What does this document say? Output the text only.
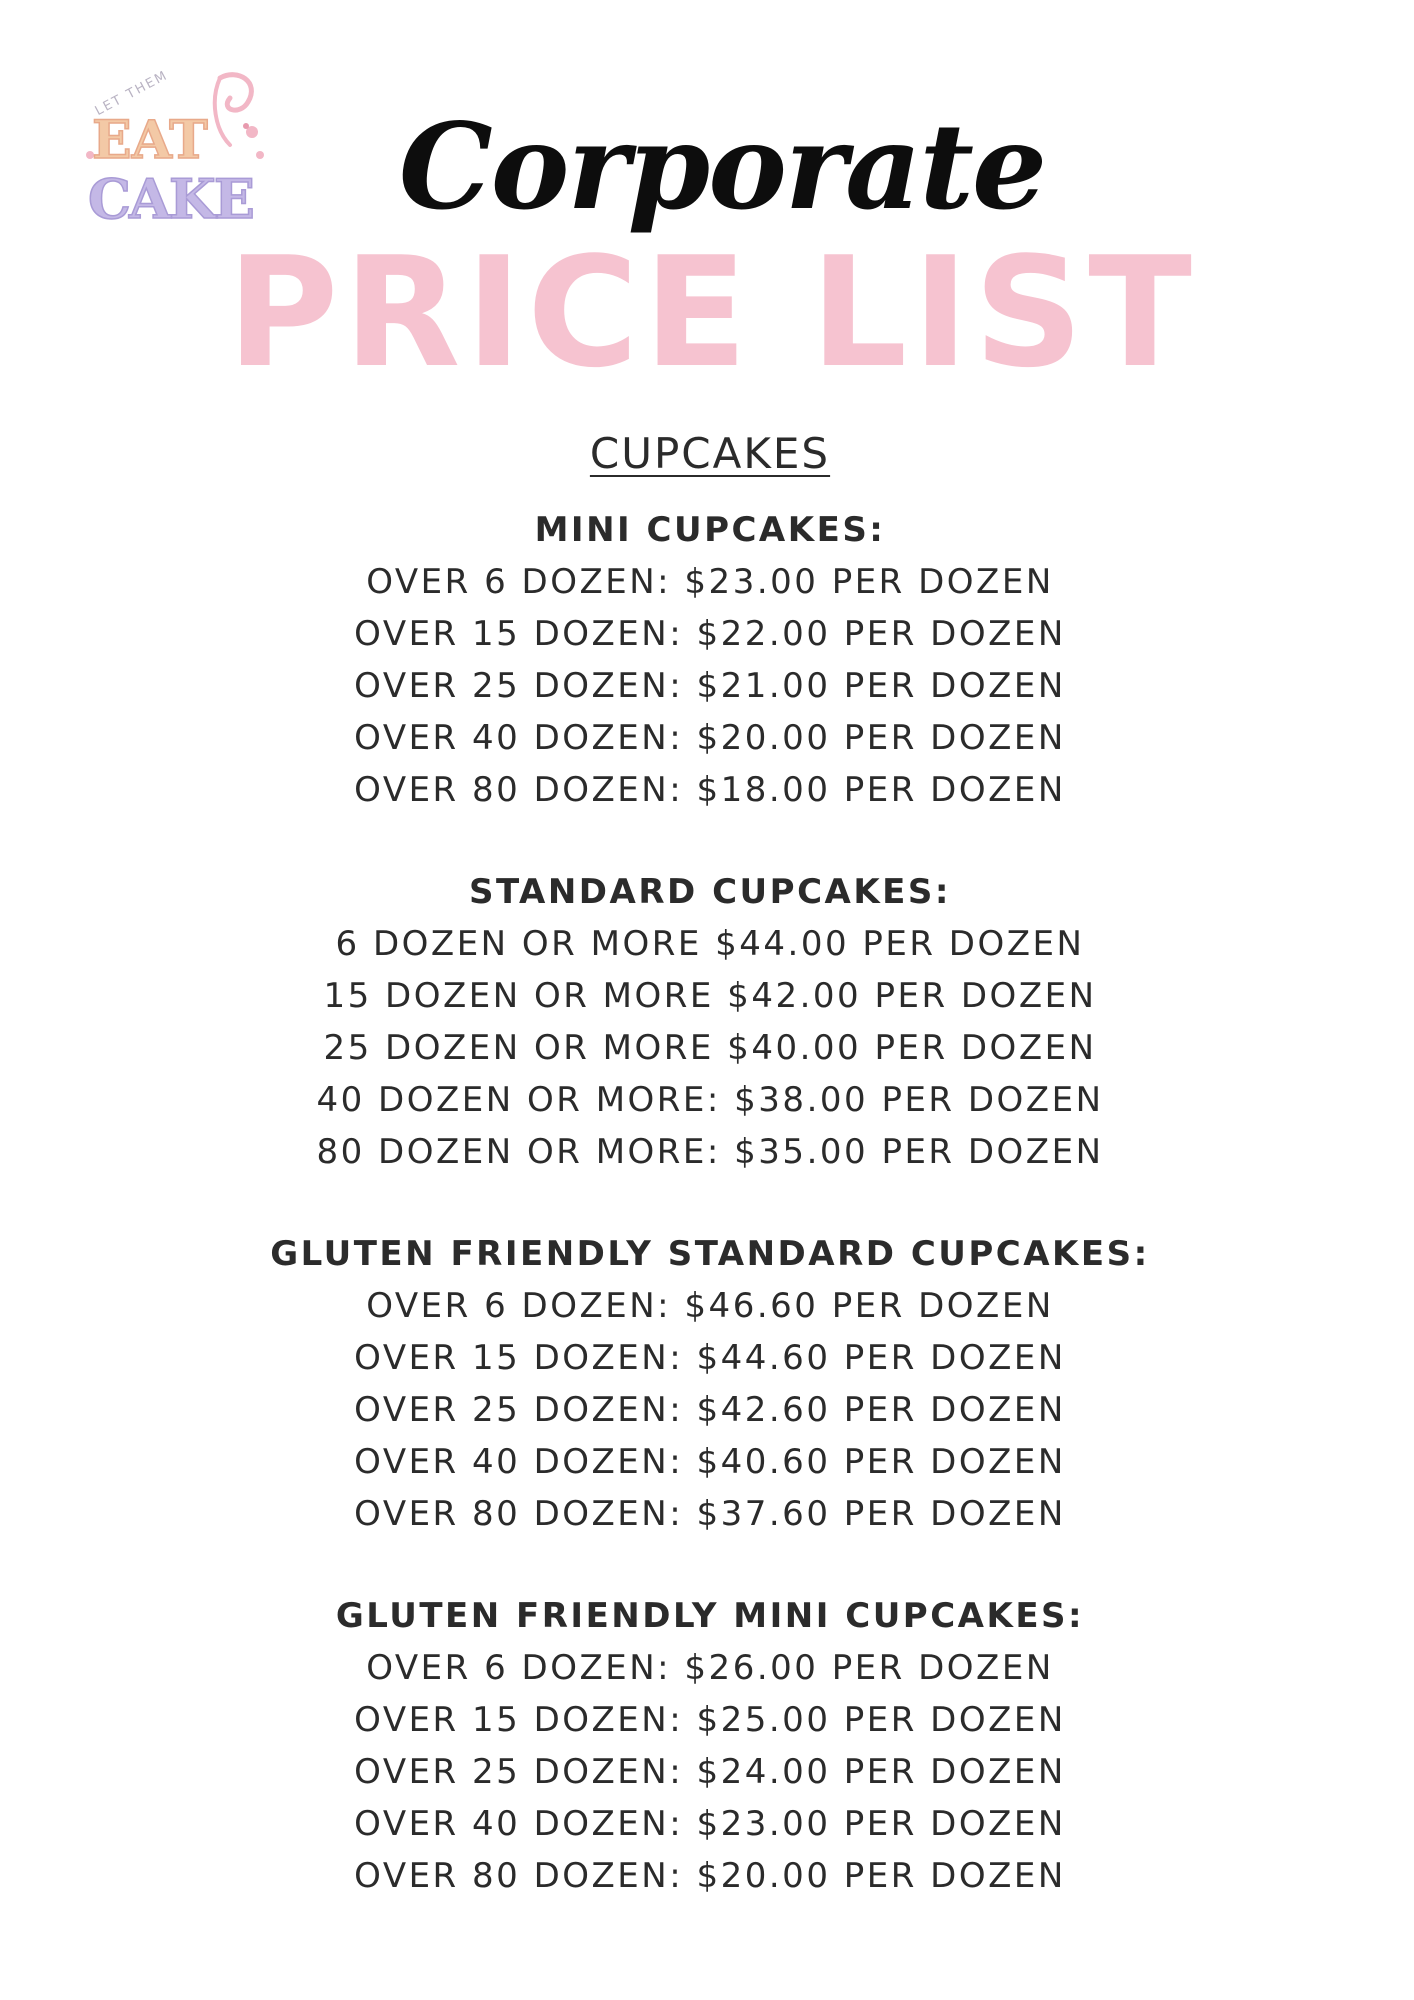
LET THEM
EAT
CAKE	Corporate
PRICE LIST
CUPCAKES
MINI CUPCAKES:
OVER 6 DOZEN: $23.00 PER DOZEN
OVER 15 DOZEN: $22.00 PER DOZEN
OVER 25 DOZEN: $21.00 PER DOZEN
OVER 40 DOZEN: $20.00 PER DOZEN
OVER 80 DOZEN: $18.00 PER DOZEN
STANDARD CUPCAKES:
6 DOZEN OR MORE $44.00 PER DOZEN
15 DOZEN OR MORE $42.00 PER DOZEN
25 DOZEN OR MORE $40.00 PER DOZEN
40 DOZEN OR MORE: $38.00 PER DOZEN
80 DOZEN OR MORE: $35.00 PER DOZEN
GLUTEN FRIENDLY STANDARD CUPCAKES:
OVER 6 DOZEN: $46.60 PER DOZEN
OVER 15 DOZEN: $44.60 PER DOZEN
OVER 25 DOZEN: $42.60 PER DOZEN
OVER 40 DOZEN: $40.60 PER DOZEN
OVER 80 DOZEN: $37.60 PER DOZEN
GLUTEN FRIENDLY MINI CUPCAKES:
OVER 6 DOZEN: $26.00 PER DOZEN
OVER 15 DOZEN: $25.00 PER DOZEN
OVER 25 DOZEN: $24.00 PER DOZEN
OVER 40 DOZEN: $23.00 PER DOZEN
OVER 80 DOZEN: $20.00 PER DOZEN
